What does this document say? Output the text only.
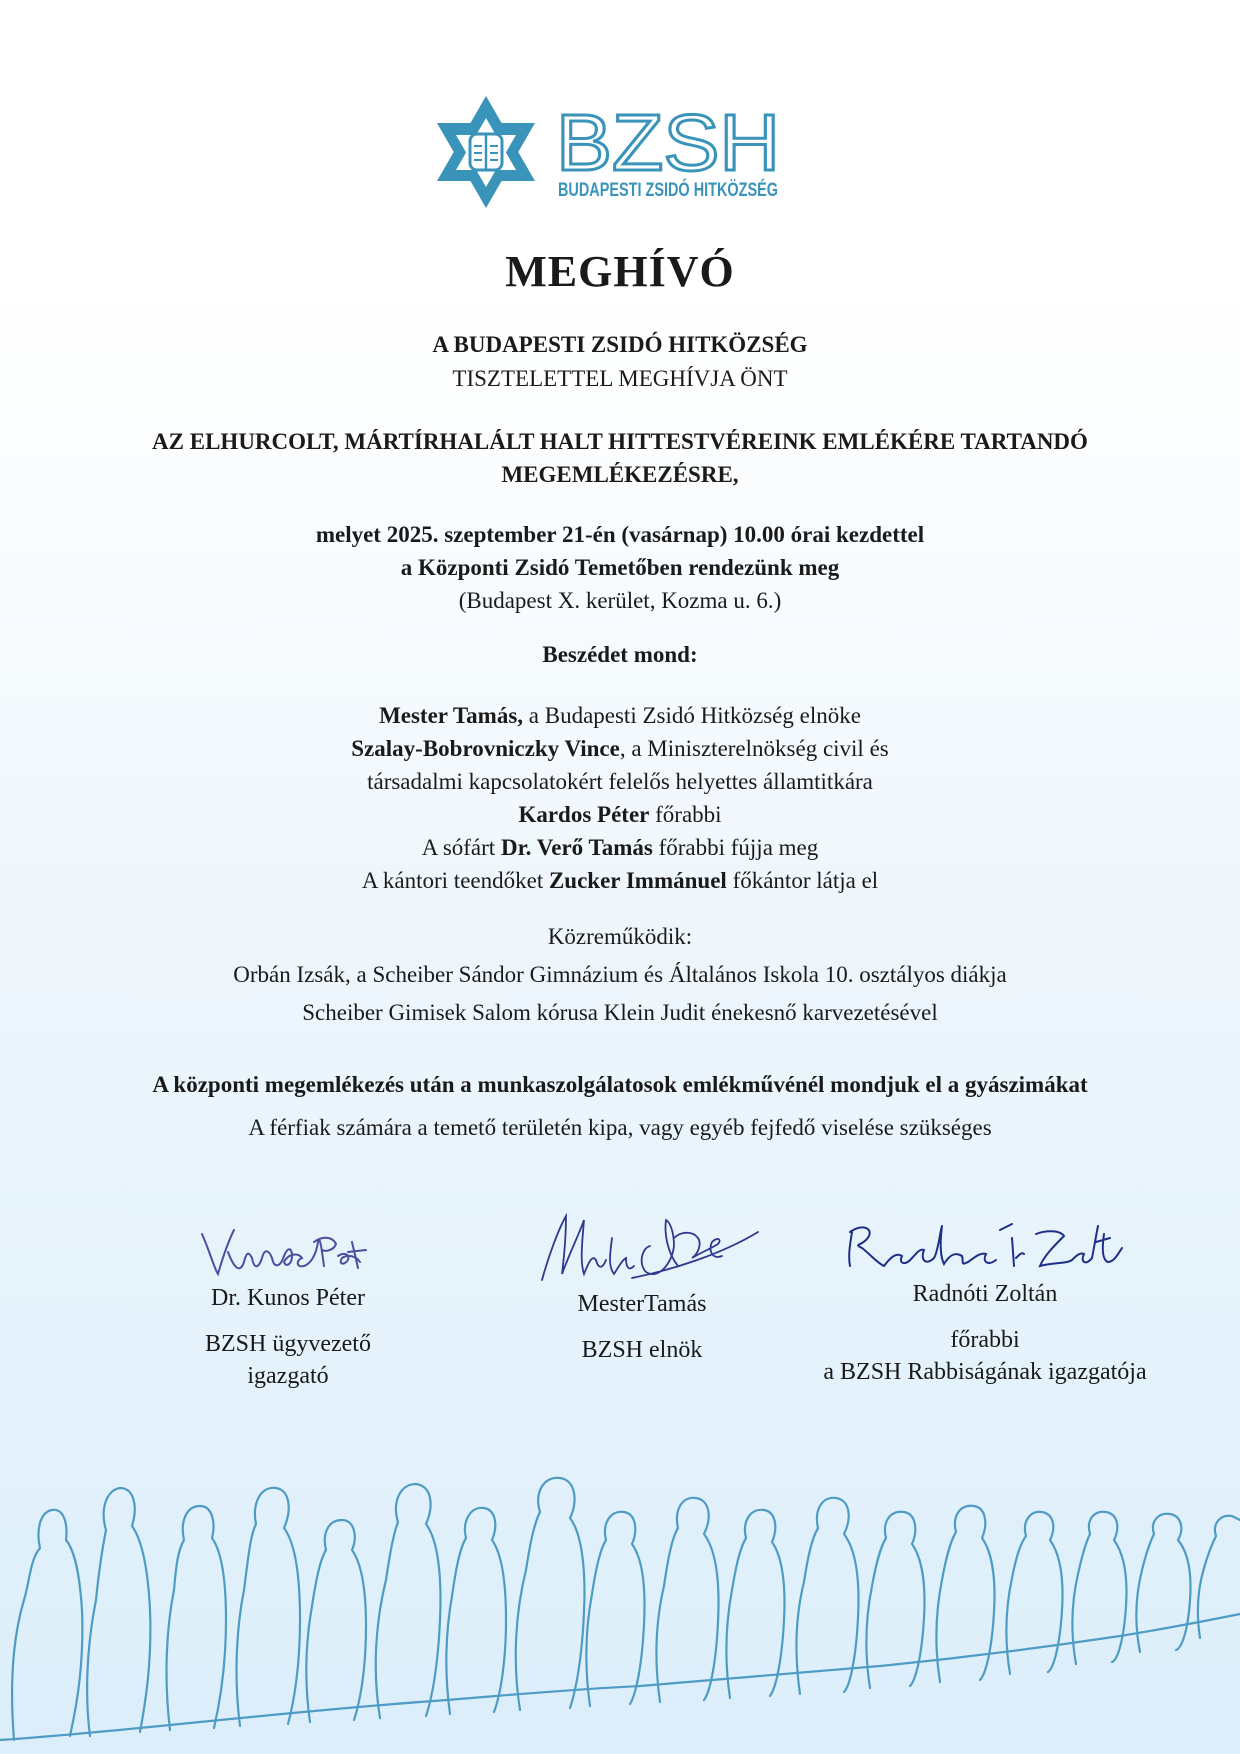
BZSH
BUDAPESTI ZSIDÓ HITKÖZSÉG
MEGHÍVÓ
A BUDAPESTI ZSIDÓ HITKÖZSÉG
TISZTELETTEL MEGHÍVJA ÖNT
AZ ELHURCOLT, MÁRTÍRHALÁLT HALT HITTESTVÉREINK EMLÉKÉRE TARTANDÓ
MEGEMLÉKEZÉSRE,
melyet 2025. szeptember 21-én (vasárnap) 10.00 órai kezdettel
a Központi Zsidó Temetőben rendezünk meg
(Budapest X. kerület, Kozma u. 6.)
Beszédet mond:
Mester Tamás, a Budapesti Zsidó Hitközség elnöke
Szalay-Bobrovniczky Vince, a Miniszterelnökség civil és
társadalmi kapcsolatokért felelős helyettes államtitkára
Kardos Péter főrabbi
A sófárt Dr. Verő Tamás főrabbi fújja meg
A kántori teendőket Zucker Immánuel főkántor látja el
Közreműködik:
Orbán Izsák, a Scheiber Sándor Gimnázium és Általános Iskola 10. osztályos diákja
Scheiber Gimisek Salom kórusa Klein Judit énekesnő karvezetésével
A központi megemlékezés után a munkaszolgálatosok emlékművénél mondjuk el a gyászimákat
A férfiak számára a temető területén kipa, vagy egyéb fejfedő viselése szükséges
Dr. Kunos Péter
BZSH ügyvezető
igazgató
MesterTamás
BZSH elnök

Radnóti Zoltán
főrabbi
a BZSH Rabbiságának igazgatója
